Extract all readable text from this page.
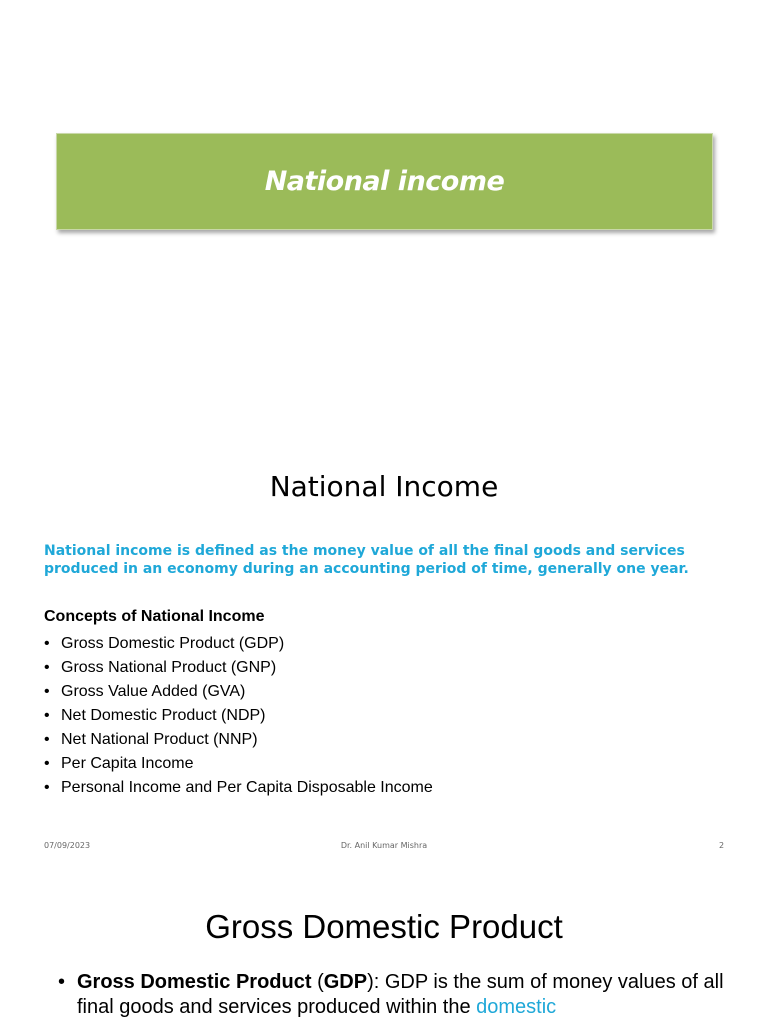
National income
National Income
National income is defined as the money value of all the final goods and services produced in an economy during an accounting period of time, generally one year.
Concepts of National Income
• Gross Domestic Product (GDP)
• Gross National Product (GNP)
• Gross Value Added (GVA)
• Net Domestic Product (NDP)
• Net National Product (NNP)
• Per Capita Income
• Personal Income and Per Capita Disposable Income
07/09/2023	Dr. Anil Kumar Mishra	2
Gross Domestic Product
• Gross Domestic Product (GDP): GDP is the sum of money values of all final goods and services produced within the domestic
